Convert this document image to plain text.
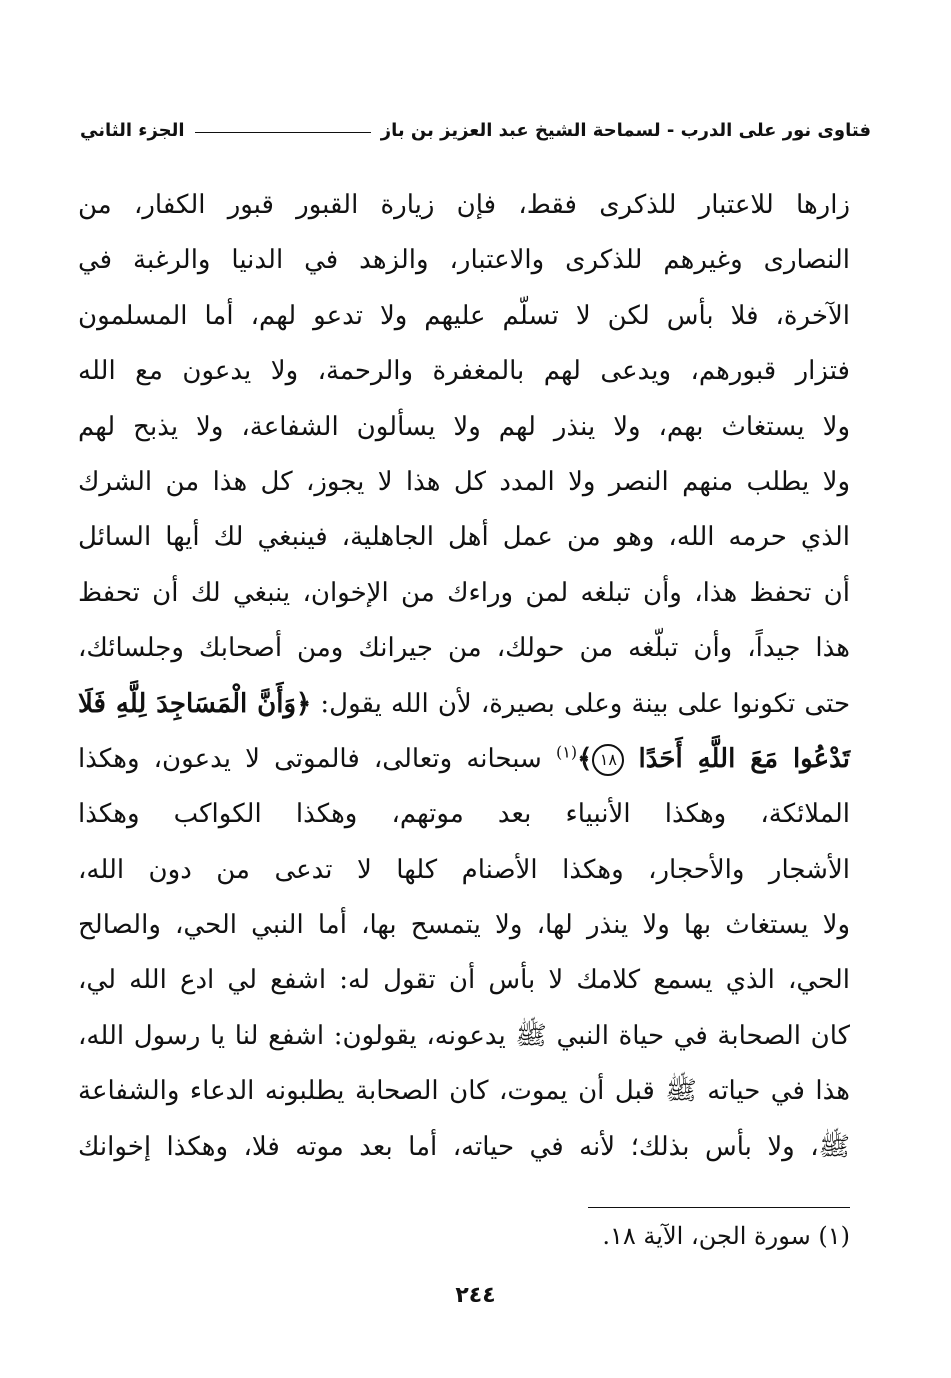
فتاوى نور على الدرب - لسماحة الشيخ عبد العزيز بن باز
الجزء الثاني
زارها للاعتبار للذكرى فقط، فإن زيارة القبور قبور الكفار، من
النصارى وغيرهم للذكرى والاعتبار، والزهد في الدنيا والرغبة في
الآخرة، فلا بأس لكن لا تسلّم عليهم ولا تدعو لهم، أما المسلمون
فتزار قبورهم، ويدعى لهم بالمغفرة والرحمة، ولا يدعون مع الله
ولا يستغاث بهم، ولا ينذر لهم ولا يسألون الشفاعة، ولا يذبح لهم
ولا يطلب منهم النصر ولا المدد كل هذا لا يجوز، كل هذا من الشرك
الذي حرمه الله، وهو من عمل أهل الجاهلية، فينبغي لك أيها السائل
أن تحفظ هذا، وأن تبلغه لمن وراءك من الإخوان، ينبغي لك أن تحفظ
هذا جيداً، وأن تبلّغه من حولك، من جيرانك ومن أصحابك وجلسائك،
حتى تكونوا على بينة وعلى بصيرة، لأن الله يقول: ﴿وَأَنَّ الْمَسَاجِدَ لِلَّهِ فَلَا
تَدْعُوا مَعَ اللَّهِ أَحَدًا ١٨﴾$^{(١)}$ سبحانه وتعالى، فالموتى لا يدعون، وهكذا
الملائكة، وهكذا الأنبياء بعد موتهم، وهكذا الكواكب وهكذا
الأشجار والأحجار، وهكذا الأصنام كلها لا تدعى من دون الله،
ولا يستغاث بها ولا ينذر لها، ولا يتمسح بها، أما النبي الحي، والصالح
الحي، الذي يسمع كلامك لا بأس أن تقول له: اشفع لي ادع الله لي،
كان الصحابة في حياة النبي ﷺ يدعونه، يقولون: اشفع لنا يا رسول الله،
هذا في حياته ﷺ قبل أن يموت، كان الصحابة يطلبونه الدعاء والشفاعة
ﷺ، ولا بأس بذلك؛ لأنه في حياته، أما بعد موته فلا، وهكذا إخوانك
(١) سورة الجن، الآية ١٨.
٢٤٤
